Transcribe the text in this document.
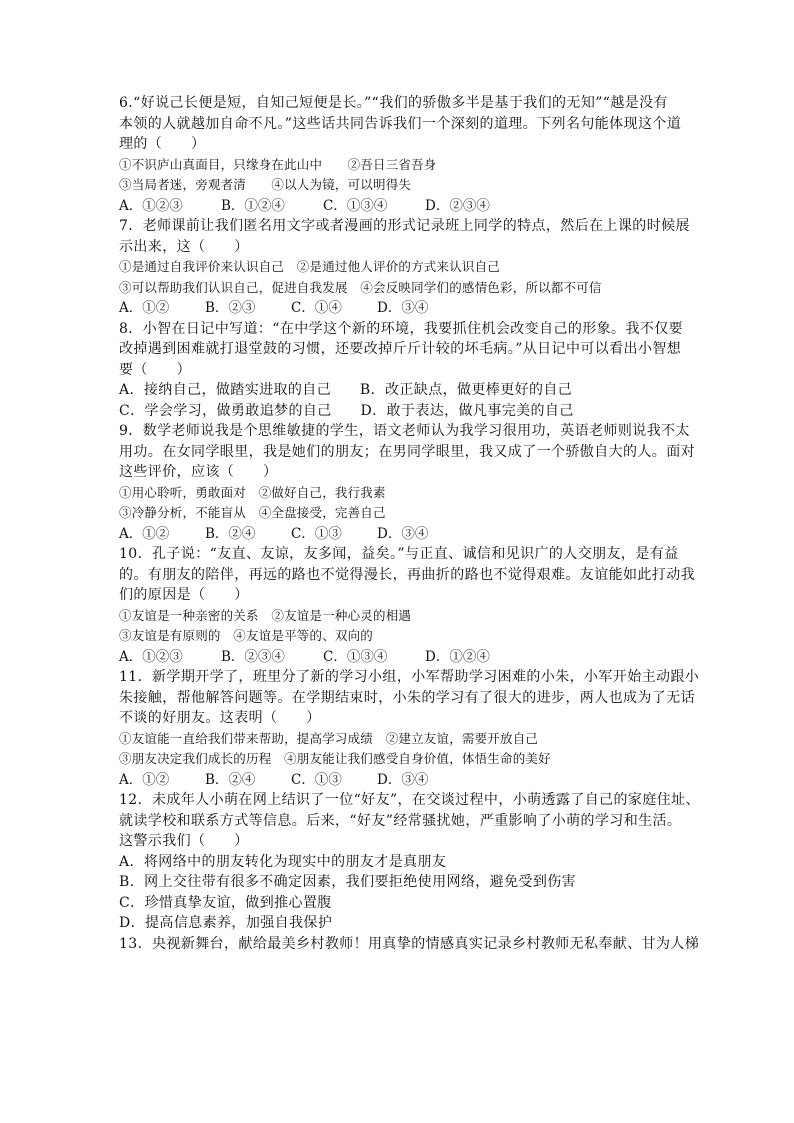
6.“好说己长便是短，自知己短便是长。”“我们的骄傲多半是基于我们的无知”“越是没有
本领的人就越加自命不凡。”这些话共同告诉我们一个深刻的道理。下列名句能体现这个道
理的（　　）
①不识庐山真面目，只缘身在此山中　　②吾日三省吾身
③当局者迷，旁观者清　　④以人为镜，可以明得失
A．①②③	B．①②④	C．①③④	D．②③④
7．老师课前让我们匿名用文字或者漫画的形式记录班上同学的特点，然后在上课的时候展
示出来，这（　　）
①是通过自我评价来认识自己　②是通过他人评价的方式来认识自己
③可以帮助我们认识自己，促进自我发展　④会反映同学们的感情色彩，所以都不可信
A．①②	B．②③	C．①④	D．③④
8．小智在日记中写道：“在中学这个新的环境，我要抓住机会改变自己的形象。我不仅要
改掉遇到困难就打退堂鼓的习惯，还要改掉斤斤计较的坏毛病。”从日记中可以看出小智想
要（　　）
A．接纳自己，做踏实进取的自己　　B．改正缺点，做更棒更好的自己
C．学会学习，做勇敢追梦的自己　　D．敢于表达，做凡事完美的自己
9．数学老师说我是个思维敏捷的学生，语文老师认为我学习很用功，英语老师则说我不太
用功。在女同学眼里，我是她们的朋友；在男同学眼里，我又成了一个骄傲自大的人。面对
这些评价，应该（　　）
①用心聆听，勇敢面对　②做好自己，我行我素
③冷静分析，不能盲从　④全盘接受，完善自己
A．①②	B．②④	C．①③	D．③④
10．孔子说：“友直、友谅，友多闻，益矣。”与正直、诚信和见识广的人交朋友，是有益
的。有朋友的陪伴，再远的路也不觉得漫长，再曲折的路也不觉得艰难。友谊能如此打动我
们的原因是（　　）
①友谊是一种亲密的关系　②友谊是一种心灵的相遇
③友谊是有原则的　④友谊是平等的、双向的
A．①②③	B．②③④	C．①③④	D．①②④
11．新学期开学了，班里分了新的学习小组，小军帮助学习困难的小朱，小军开始主动跟小
朱接触，帮他解答问题等。在学期结束时，小朱的学习有了很大的进步，两人也成为了无话
不谈的好朋友。这表明（　　）
①友谊能一直给我们带来帮助，提高学习成绩　②建立友谊，需要开放自己
③朋友决定我们成长的历程　④朋友能让我们感受自身价值，体悟生命的美好
A．①②	B．②④	C．①③	D．③④
12．未成年人小萌在网上结识了一位“好友”，在交谈过程中，小萌透露了自己的家庭住址、
就读学校和联系方式等信息。后来，“好友”经常骚扰她，严重影响了小萌的学习和生活。
这警示我们（　　）
A．将网络中的朋友转化为现实中的朋友才是真朋友
B．网上交往带有很多不确定因素，我们要拒绝使用网络，避免受到伤害
C．珍惜真挚友谊，做到推心置腹
D．提高信息素养，加强自我保护
13．央视新舞台，献给最美乡村教师！用真挚的情感真实记录乡村教师无私奉献、甘为人梯
